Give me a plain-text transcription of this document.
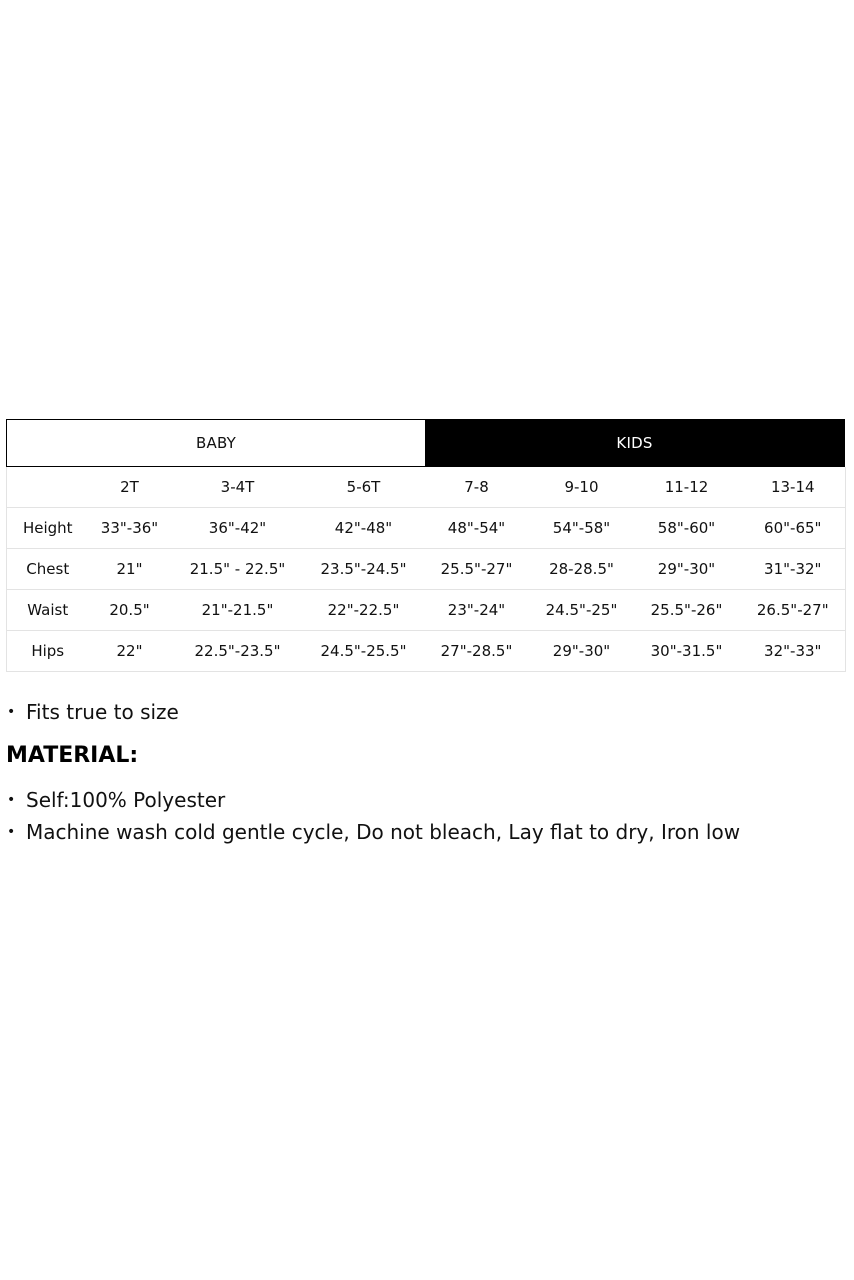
BABY	KIDS
	2T	3-4T	5-6T	7-8	9-10	11-12	13-14
Height	33"-36"	36"-42"	42"-48"	48"-54"	54"-58"	58"-60"	60"-65"
Chest	21"	21.5" - 22.5"	23.5"-24.5"	25.5"-27"	28-28.5"	29"-30"	31"-32"
Waist	20.5"	21"-21.5"	22"-22.5"	23"-24"	24.5"-25"	25.5"-26"	26.5"-27"
Hips	22"	22.5"-23.5"	24.5"-25.5"	27"-28.5"	29"-30"	30"-31.5"	32"-33"
• Fits true to size
MATERIAL:
• Self:100% Polyester
• Machine wash cold gentle cycle, Do not bleach, Lay flat to dry, Iron low
